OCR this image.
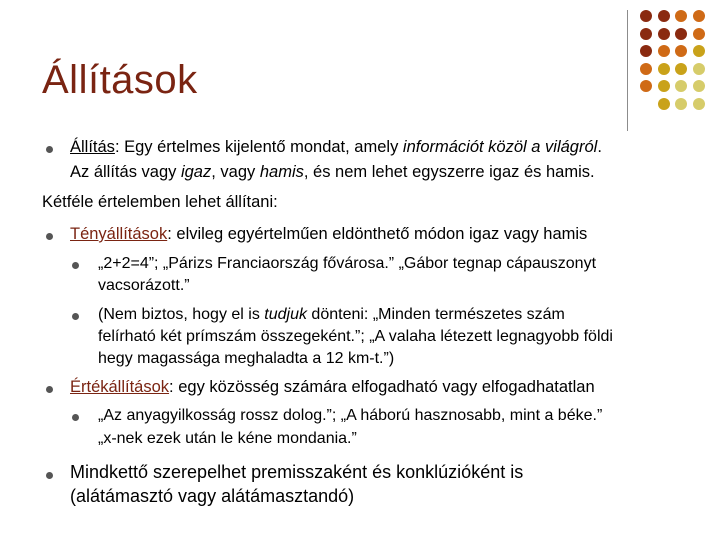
Állítások
Állítás: Egy értelmes kijelentő mondat, amely információt közöl a világról.
Az állítás vagy igaz, vagy hamis, és nem lehet egyszerre igaz és hamis.
Kétféle értelemben lehet állítani:
Tényállítások: elvileg egyértelműen eldönthető módon igaz vagy hamis
„2+2=4”; „Párizs Franciaország fővárosa.” „Gábor tegnap cápauszonyt
vacsorázott.”
(Nem biztos, hogy el is tudjuk dönteni: „Minden természetes szám
felírható két prímszám összegeként.”; „A valaha létezett legnagyobb földi
hegy magassága meghaladta a 12 km‑t.”)
Értékállítások: egy közösség számára elfogadható vagy elfogadhatatlan
„Az anyagyilkosság rossz dolog.”; „A háború hasznosabb, mint a béke.”
„x‑nek ezek után le kéne mondania.”
Mindkettő szerepelhet premisszaként és konklúzióként is
(alátámasztó vagy alátámasztandó)
